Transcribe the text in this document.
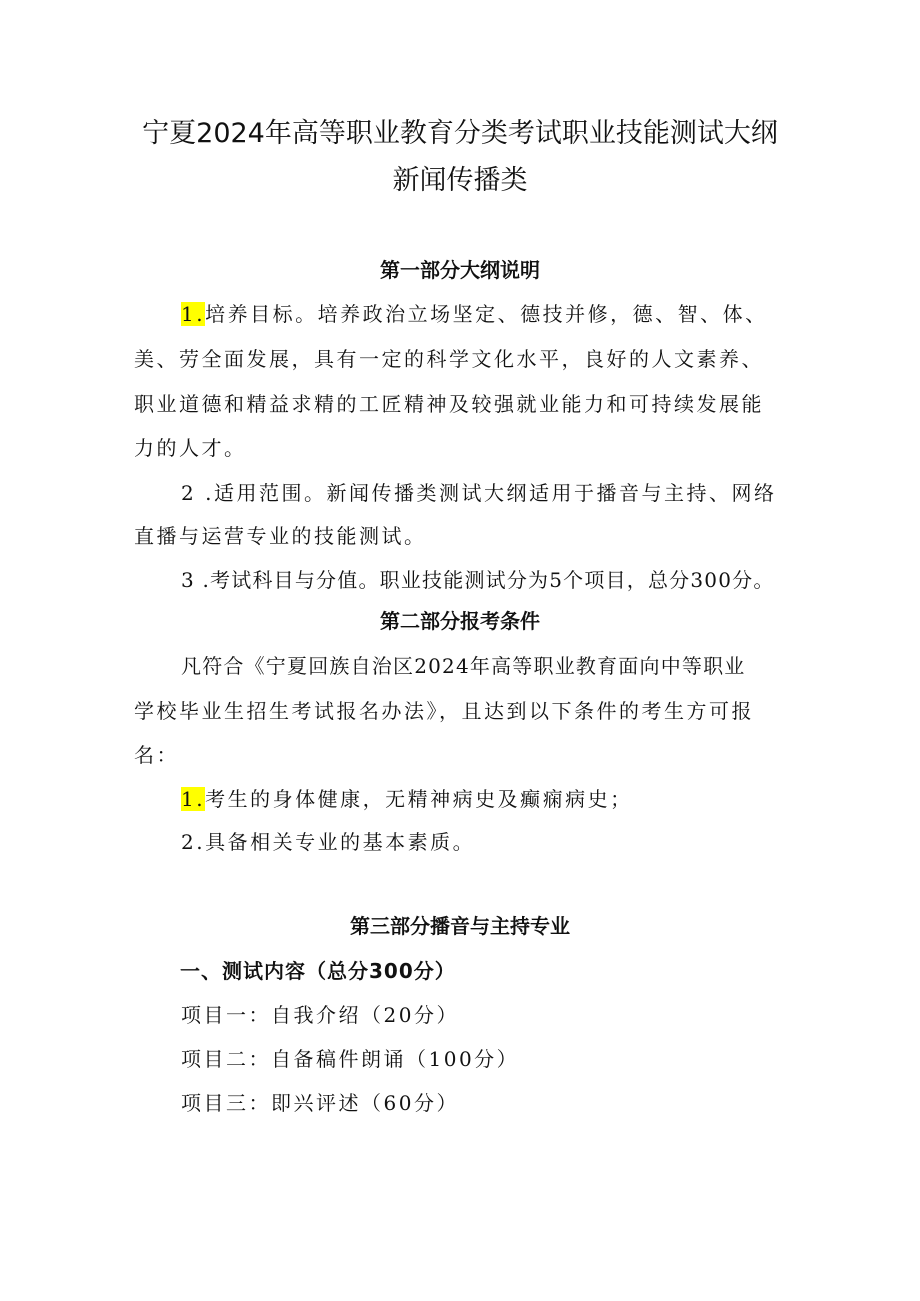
宁夏2024年高等职业教育分类考试职业技能测试大纲
新闻传播类
第一部分大纲说明

1.培养目标。培养政治立场坚定、德技并修，德、智、体、

美、劳全面发展，具有一定的科学文化水平，良好的人文素养、

职业道德和精益求精的工匠精神及较强就业能力和可持续发展能

力的人才。

2 .适用范围。新闻传播类测试大纲适用于播音与主持、网络

直播与运营专业的技能测试。

3 .考试科目与分值。职业技能测试分为5个项目，总分300分。

第二部分报考条件

凡符合《宁夏回族自治区2024年高等职业教育面向中等职业

学校毕业生招生考试报名办法》，且达到以下条件的考生方可报

名：

1.考生的身体健康，无精神病史及癫痫病史；

2.具备相关专业的基本素质。

第三部分播音与主持专业

一、测试内容（总分300分）

项目一：自我介绍（20分）

项目二：自备稿件朗诵（100分）

项目三：即兴评述（60分）
